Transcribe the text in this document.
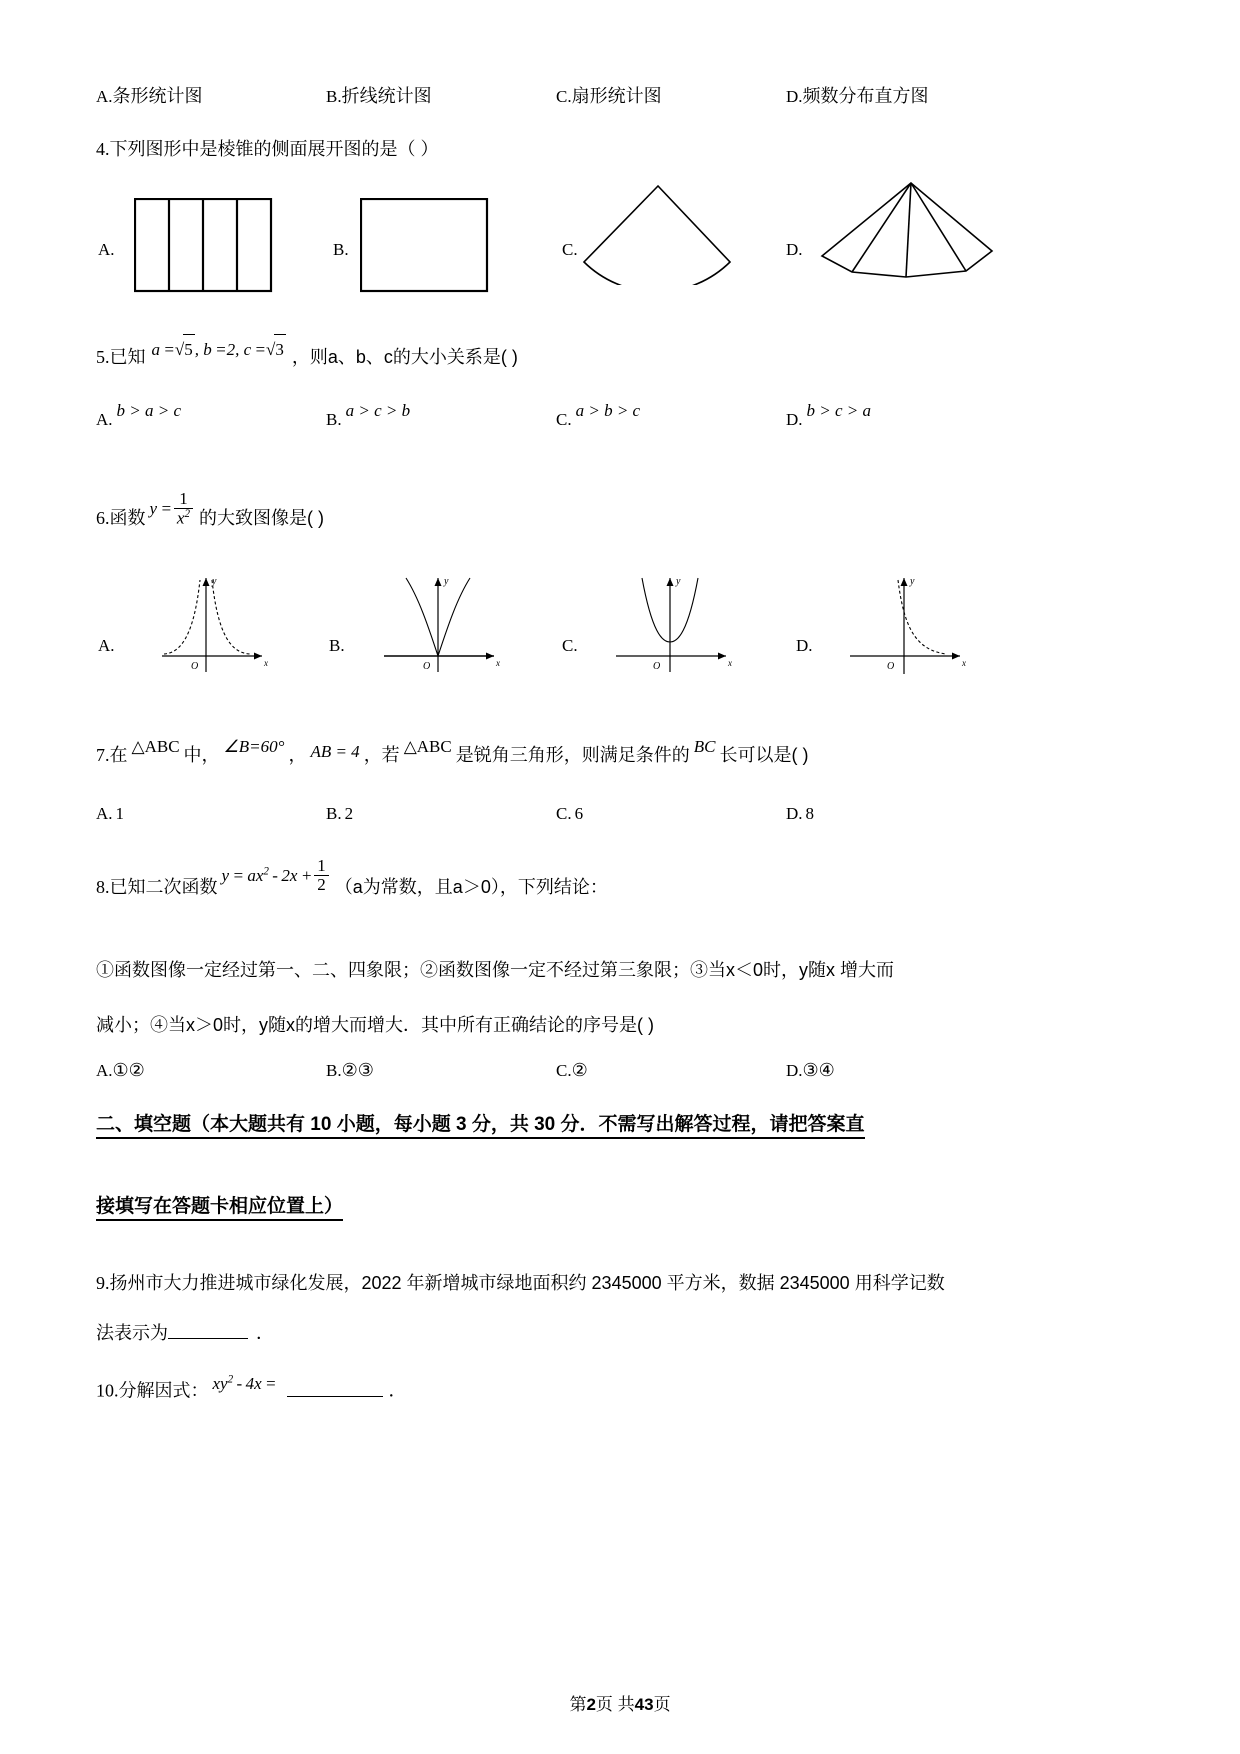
A.条形统计图	B.折线统计图	C.扇形统计图	D.频数分布直方图
4.下列图形中是棱锥的侧面展开图的是（ ）
A.	B.	C.	D.
5.已知 a =√5 , b =2, c =√3 ，则a、b、c的大小关系是( )
A. b > a > c	B. a > c > b	C. a > b > c	D. b > c > a
6.函数 $y = \frac{1}{x^2}$ 的大致图像是( )
A.
y
x
O
B.
y
x
O
C.
y
x
O
D.
y
x
O
7.在 △ABC 中， ∠B=60° ， AB = 4 ，若 △ABC 是锐角三角形，则满足条件的 BC 长可以是( )
A. 1	B. 2	C. 6	D. 8
8.已知二次函数$y = ax^2 - 2x + \frac{1}{2} (a$为常数，且a＞0），下列结论：
①函数图像一定经过第一、二、四象限；②函数图像一定不经过第三象限；③当x＜0时，y随x 增大而
减小；④当x＞0时，y随x的增大而增大．其中所有正确结论的序号是( )
A.①②	B.②③	C.②	D.③④
二、填空题（本大题共有 10 小题，每小题 3 分，共 30 分．不需写出解答过程，请把答案直
接填写在答题卡相应位置上）
9.扬州市大力推进城市绿化发展，2022 年新增城市绿地面积约 2345000 平方米，数据 2345000 用科学记数
法表示为	．
10.分解因式： $xy^2 - 4x$ =	．
第2页 共43页
